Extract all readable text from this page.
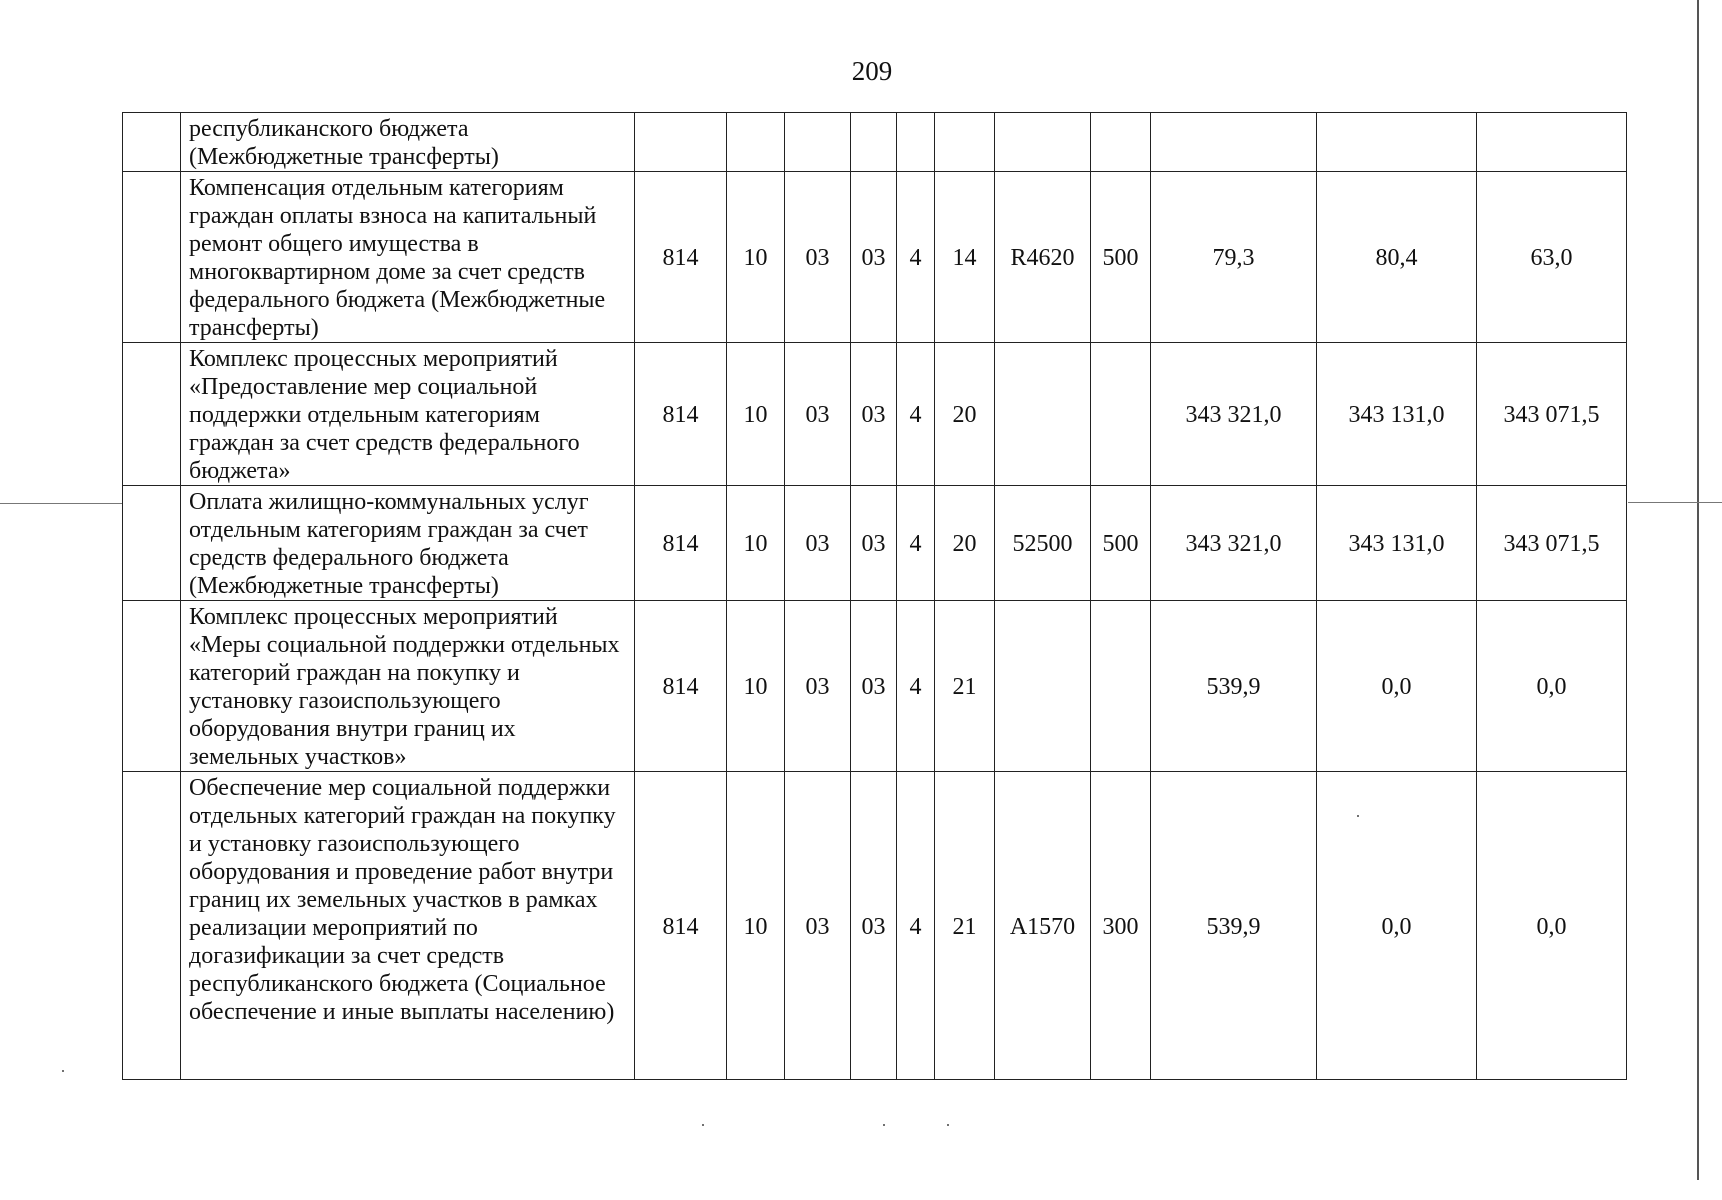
209
	республиканского бюджета (Межбюджетные трансферты)											
	Компенсация отдельным категориям граждан оплаты взноса на капитальный ремонт общего имущества в многоквартирном доме за счет средств федерального бюджета (Межбюджетные трансферты)	814	10	03	03	4	14	R4620	500	79,3	80,4	63,0
	Комплекс процессных мероприятий «Предоставление мер социальной поддержки отдельным категориям граждан за счет средств федерального бюджета»	814	10	03	03	4	20			343 321,0	343 131,0	343 071,5
	Оплата жилищно-коммунальных услуг отдельным категориям граждан за счет средств федерального бюджета (Межбюджетные трансферты)	814	10	03	03	4	20	52500	500	343 321,0	343 131,0	343 071,5
	Комплекс процессных мероприятий «Меры социальной поддержки отдельных категорий граждан на покупку и установку газоиспользующего оборудования внутри границ их земельных участков»	814	10	03	03	4	21			539,9	0,0	0,0
	Обеспечение мер социальной поддержки отдельных категорий граждан на покупку и установку газоиспользующего оборудования и проведение работ внутри границ их земельных участков в рамках реализации мероприятий по догазификации за счет средств республиканского бюджета (Социальное обеспечение и иные выплаты населению)	814	10	03	03	4	21	A1570	300	539,9	0,0	0,0
